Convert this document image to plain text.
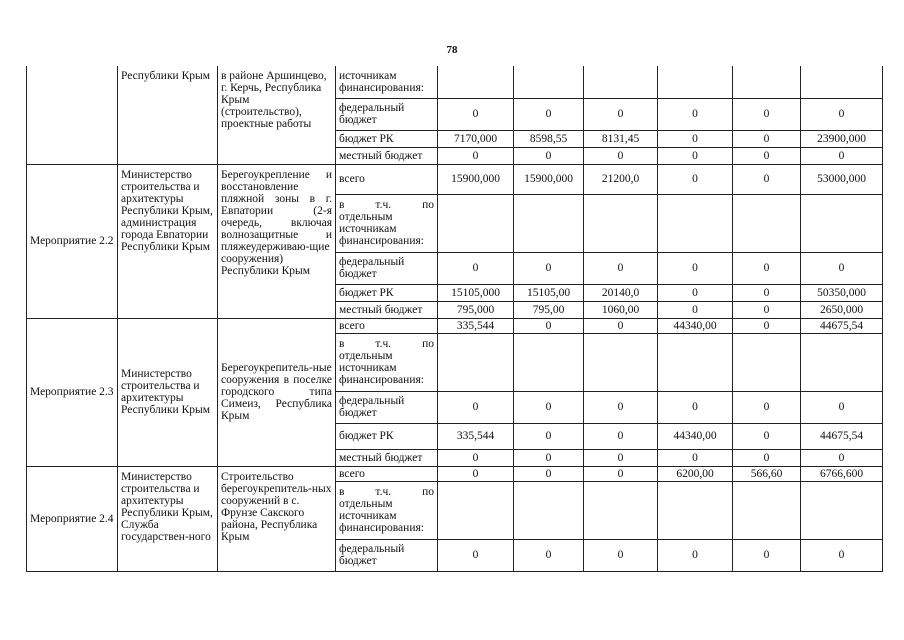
78
	Республики Крым	в районе Аршинцево, г. Керчь, Республика Крым (строительство), проектные работы	источникам финансирования:						
			федеральный бюджет	0	0	0	0	0	0
			бюджет РК	7170,000	8598,55	8131,45	0	0	23900,000
			местный бюджет	0	0	0	0	0	0
Мероприятие 2.2	Министерство строительства и архитектуры Республики Крым, администрация города Евпатории Республики Крым	Берегоукрепление и восстановление пляжной зоны в г. Евпатории (2-я очередь, включая волнозащитные и пляжеудерживаю-щие сооружения) Республики Крым	всего	15900,000	15900,000	21200,0	0	0	53000,000
			в т.ч. по отдельным источникам финансирования:						
			федеральный бюджет	0	0	0	0	0	0
			бюджет РК	15105,000	15105,00	20140,0	0	0	50350,000
			местный бюджет	795,000	795,00	1060,00	0	0	2650,000
Мероприятие 2.3	Министерство строительства и архитектуры Республики Крым	Берегоукрепитель-ные сооружения в поселке городского типа Симеиз, Республика Крым	всего	335,544	0	0	44340,00	0	44675,54
			в т.ч. по отдельным источникам финансирования:						
			федеральный бюджет	0	0	0	0	0	0
			бюджет РК	335,544	0	0	44340,00	0	44675,54
			местный бюджет	0	0	0	0	0	0
Мероприятие 2.4	Министерство строительства и архитектуры Республики Крым, Служба государствен-ного	Строительство берегоукрепитель-ных сооружений в с. Фрунзе Сакского района, Республика Крым	всего	0	0	0	6200,00	566,60	6766,600
			в т.ч. по отдельным источникам финансирования:						
			федеральный бюджет	0	0	0	0	0	0
